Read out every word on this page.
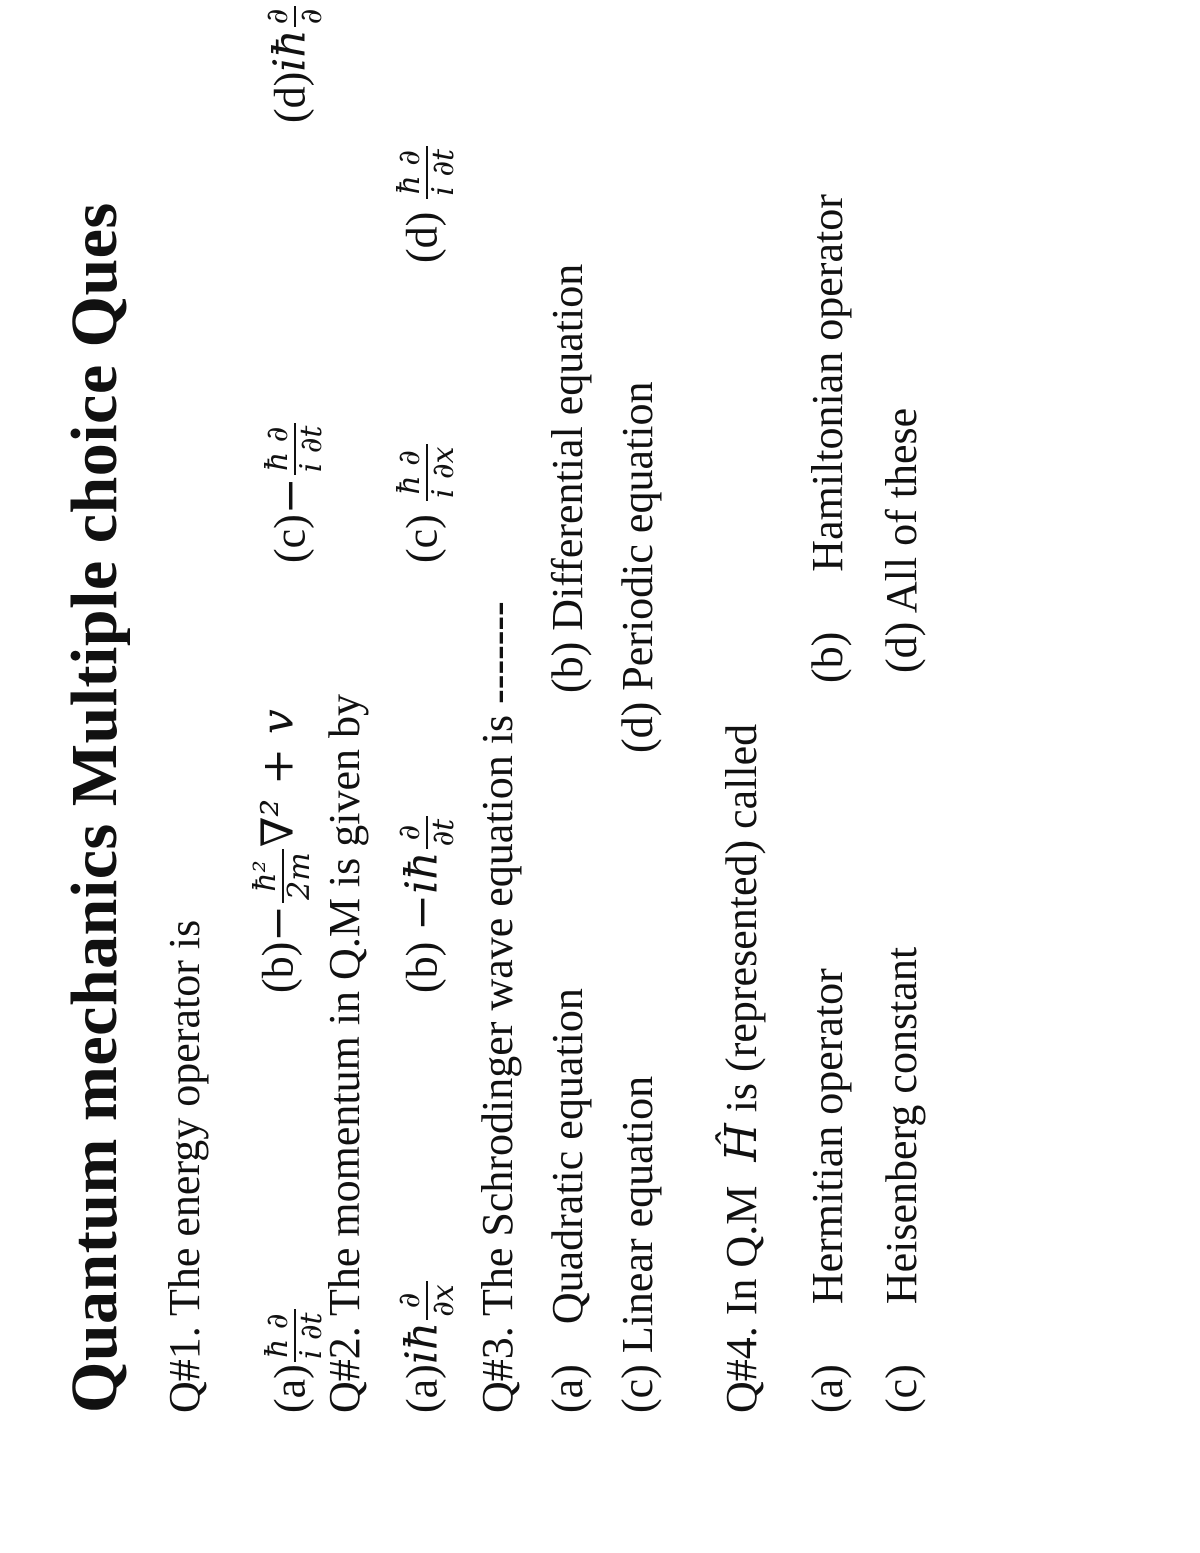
Quantum mechanics Multiple choice Ques Q#1. The energy operator is (a)
ħ ∂
i ∂t
(b)−
ħ²
2m
∇² + v
(c)−
ħ ∂
i ∂t
(d)iħ
∂
∂
Q#2. The momentum in Q.M is given by (a)iħ
∂
∂x
(b) −iħ
∂
∂t
(c)
ħ ∂
i ∂x
(d)
ħ ∂
i ∂t
Q#3. The Schrodinger wave equation is ------- (a)Quadratic equation
(b) Differential equation
(c) Linear equation
(d) Periodic equation
Q#4. In Q.MĤ is (represented) called
(a)Hermitian operator
(b)Hamiltonian operator
(c)Heisenberg constant
(d) All of these
